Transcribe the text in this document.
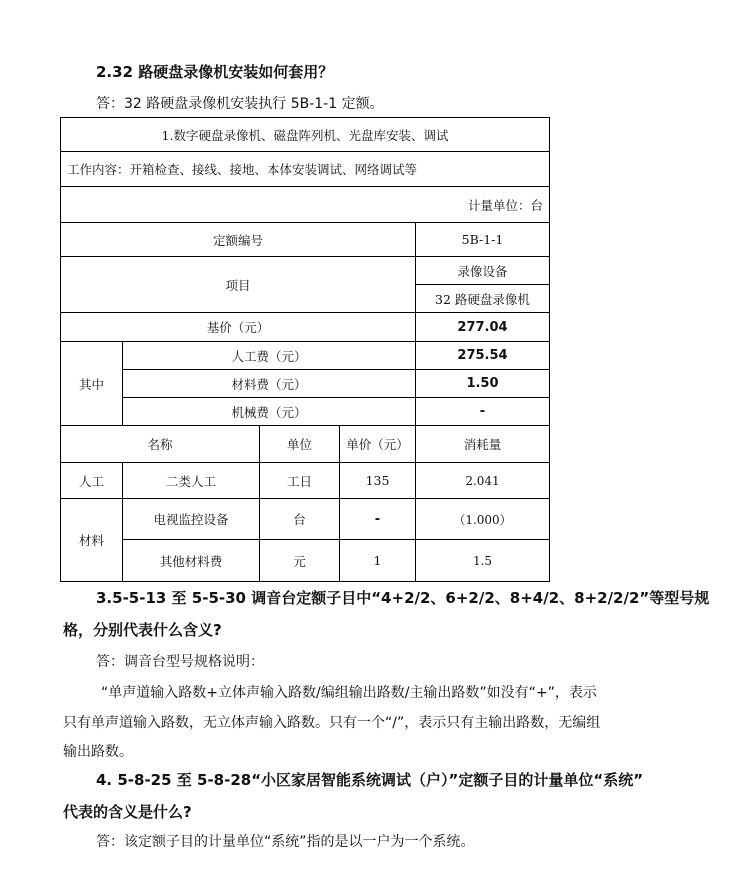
2.32 路硬盘录像机安装如何套用？
答：32 路硬盘录像机安装执行 5B-1-1 定额。
1.数字硬盘录像机、磁盘阵列机、光盘库安装、调试				
工作内容：开箱检查、接线、接地、本体安装调试、网络调试等				
计量单位：台				
定额编号				5B-1-1
项目				录像设备
				32 路硬盘录像机
基价（元）				277.04
其中	人工费（元）			275.54
	材料费（元）			1.50
	机械费（元）			-
名称		单位	单价（元）	消耗量
人工	二类人工	工日	135	2.041
材料	电视监控设备	台	-	（1.000）
	其他材料费	元	1	1.5
3.5-5-13 至 5-5-30 调音台定额子目中“4+2/2、6+2/2、8+4/2、8+2/2/2”等型号规
格，分别代表什么含义?
答：调音台型号规格说明：
“单声道输入路数+立体声输入路数/编组输出路数/主输出路数”如没有“+”，表示
只有单声道输入路数，无立体声输入路数。只有一个“/”，表示只有主输出路数，无编组
输出路数。
4. 5-8-25 至 5-8-28“小区家居智能系统调试（户）”定额子目的计量单位“系统”
代表的含义是什么?
答：该定额子目的计量单位“系统”指的是以一户为一个系统。
